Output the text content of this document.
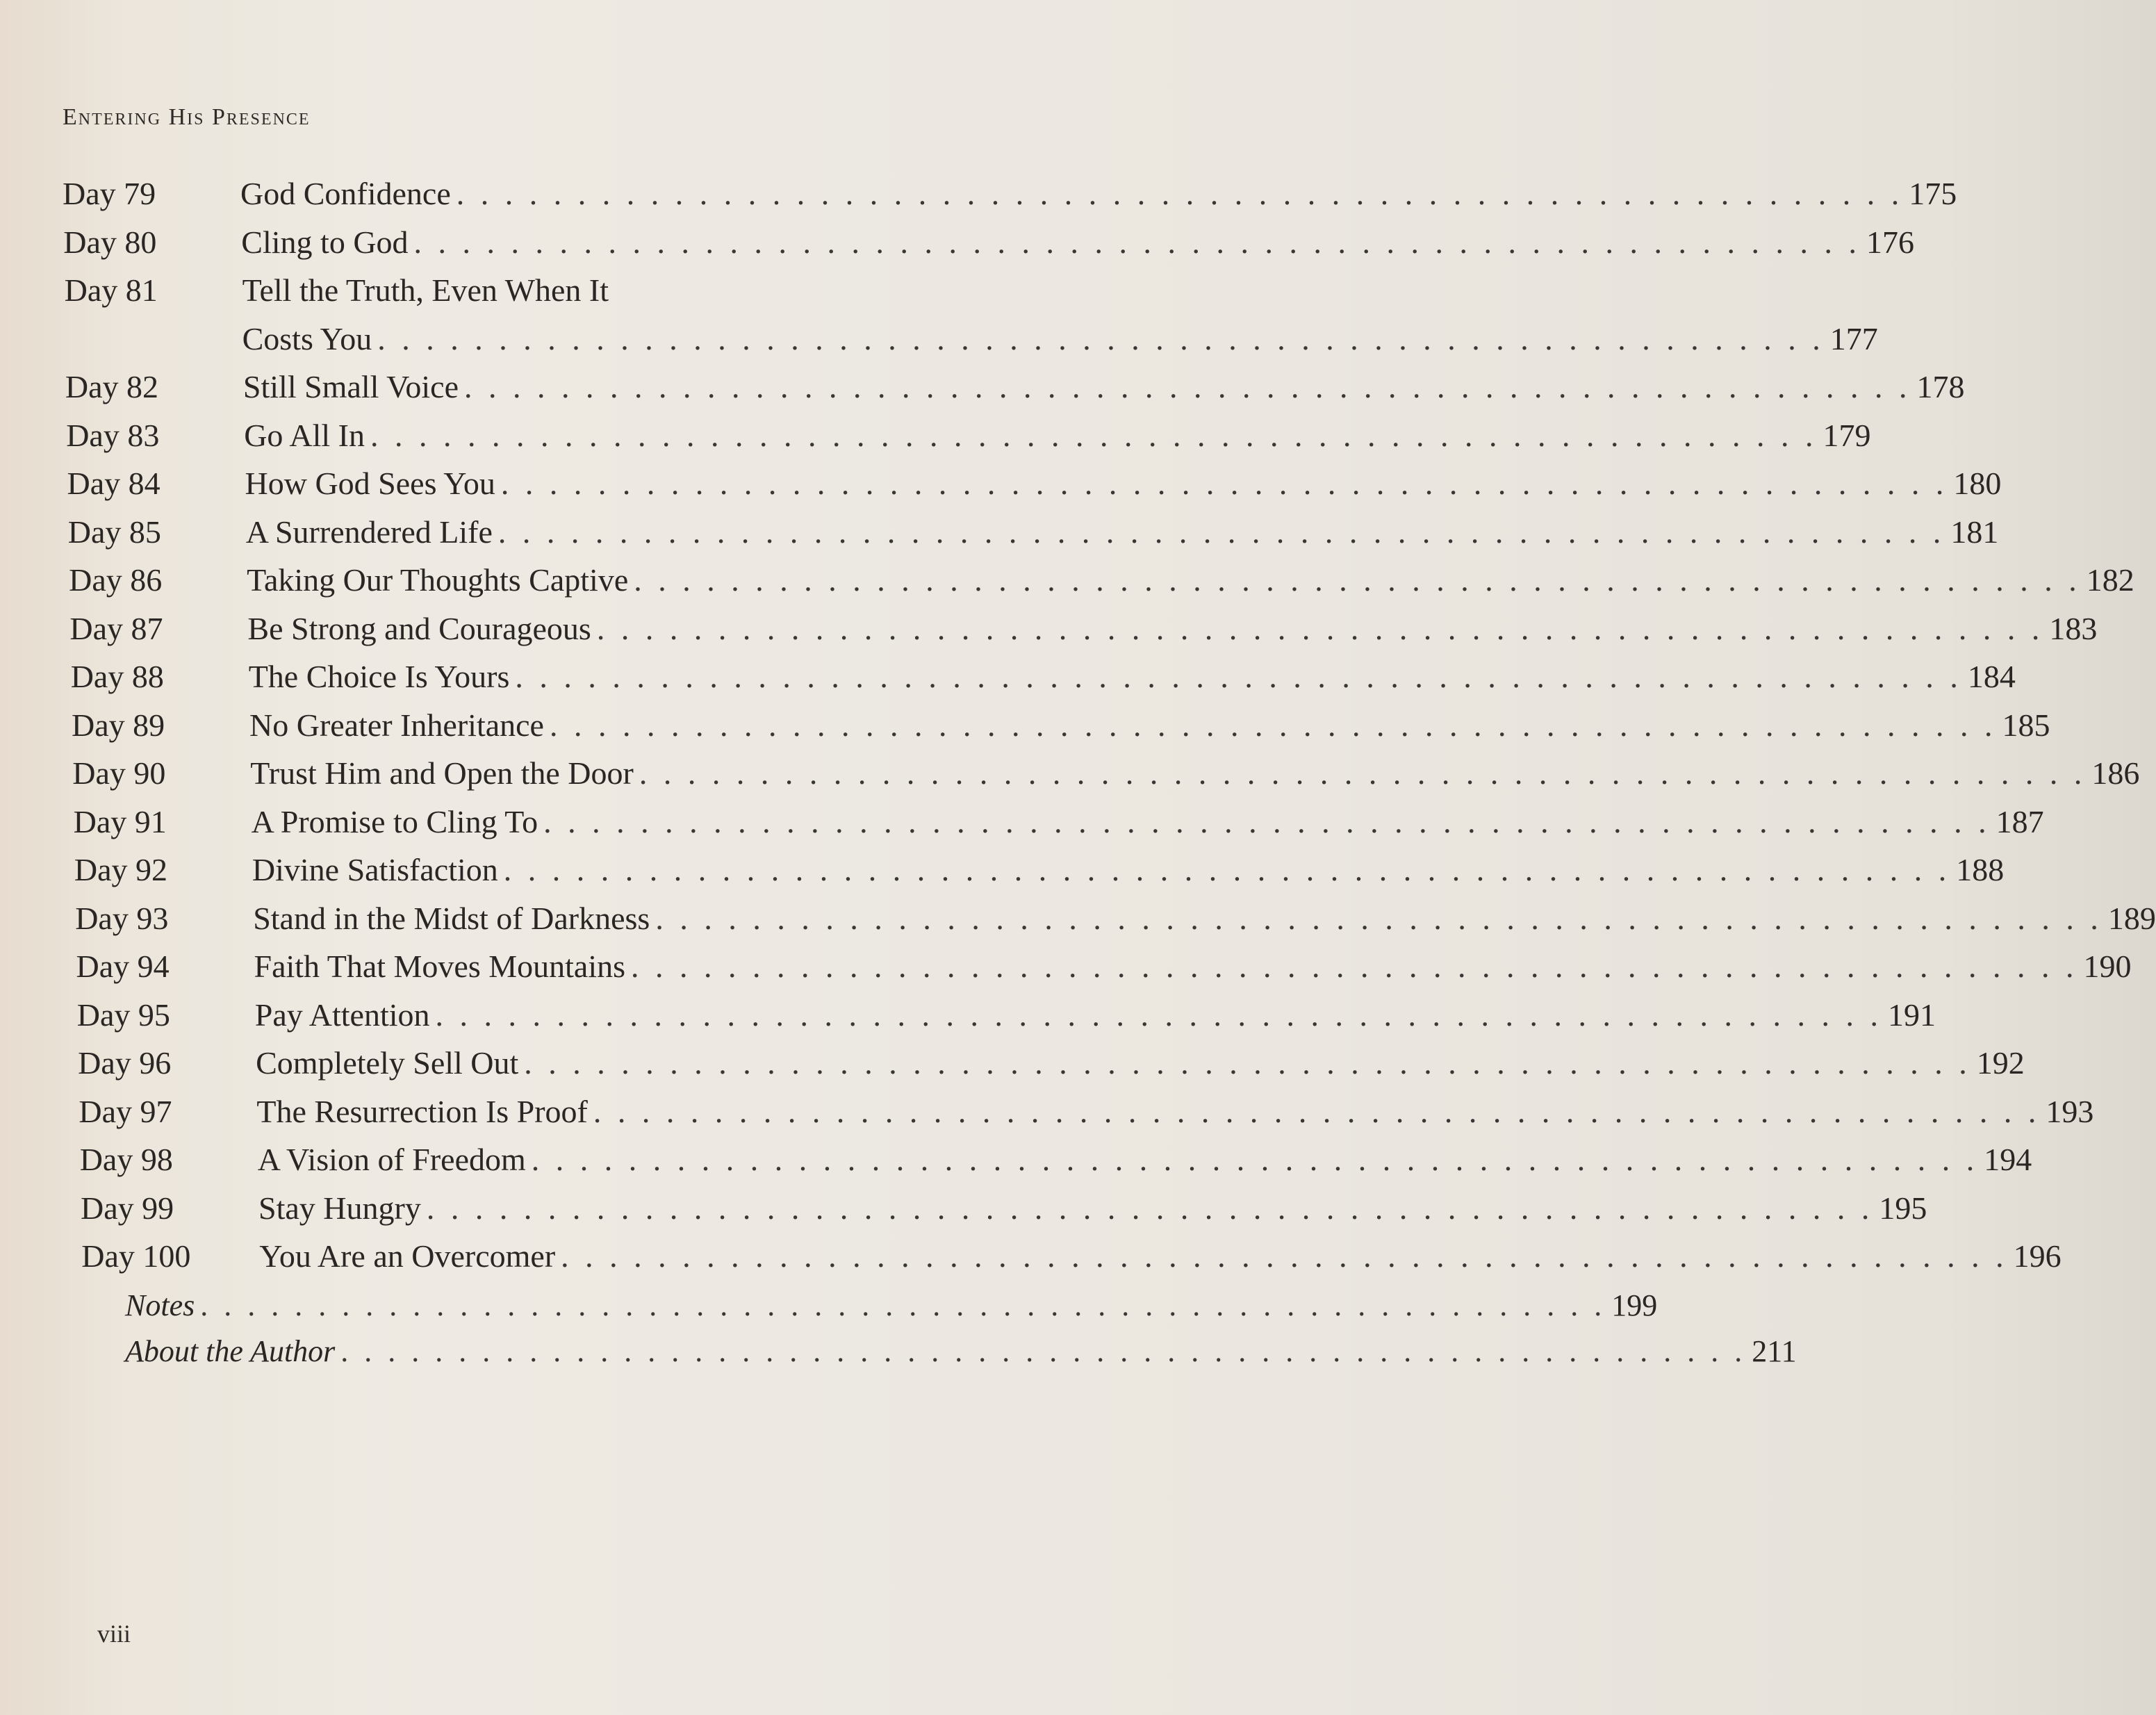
Entering His Presence
Day 79	God Confidence . . . . . . . . . . . . . . . . . . . . . . . . . . . . . . . . . . . . . . . . . . . . . . . . . . . . . . . . . . . . 175
Day 80	Cling to God . . . . . . . . . . . . . . . . . . . . . . . . . . . . . . . . . . . . . . . . . . . . . . . . . . . . . . . . . . . . 176
Day 81	Tell the Truth, Even When It
Costs You . . . . . . . . . . . . . . . . . . . . . . . . . . . . . . . . . . . . . . . . . . . . . . . . . . . . . . . . . . . . 177
Day 82	Still Small Voice . . . . . . . . . . . . . . . . . . . . . . . . . . . . . . . . . . . . . . . . . . . . . . . . . . . . . . . . . . . . 178
Day 83	Go All In . . . . . . . . . . . . . . . . . . . . . . . . . . . . . . . . . . . . . . . . . . . . . . . . . . . . . . . . . . . . 179
Day 84	How God Sees You . . . . . . . . . . . . . . . . . . . . . . . . . . . . . . . . . . . . . . . . . . . . . . . . . . . . . . . . . . . . 180
Day 85	A Surrendered Life . . . . . . . . . . . . . . . . . . . . . . . . . . . . . . . . . . . . . . . . . . . . . . . . . . . . . . . . . . . . 181
Day 86	Taking Our Thoughts Captive . . . . . . . . . . . . . . . . . . . . . . . . . . . . . . . . . . . . . . . . . . . . . . . . . . . . . . . . . . . . 182
Day 87	Be Strong and Courageous . . . . . . . . . . . . . . . . . . . . . . . . . . . . . . . . . . . . . . . . . . . . . . . . . . . . . . . . . . . . 183
Day 88	The Choice Is Yours . . . . . . . . . . . . . . . . . . . . . . . . . . . . . . . . . . . . . . . . . . . . . . . . . . . . . . . . . . . . 184
Day 89	No Greater Inheritance . . . . . . . . . . . . . . . . . . . . . . . . . . . . . . . . . . . . . . . . . . . . . . . . . . . . . . . . . . . . 185
Day 90	Trust Him and Open the Door . . . . . . . . . . . . . . . . . . . . . . . . . . . . . . . . . . . . . . . . . . . . . . . . . . . . . . . . . . . . 186
Day 91	A Promise to Cling To . . . . . . . . . . . . . . . . . . . . . . . . . . . . . . . . . . . . . . . . . . . . . . . . . . . . . . . . . . . . 187
Day 92	Divine Satisfaction . . . . . . . . . . . . . . . . . . . . . . . . . . . . . . . . . . . . . . . . . . . . . . . . . . . . . . . . . . . . 188
Day 93	Stand in the Midst of Darkness . . . . . . . . . . . . . . . . . . . . . . . . . . . . . . . . . . . . . . . . . . . . . . . . . . . . . . . . . . . . 189
Day 94	Faith That Moves Mountains . . . . . . . . . . . . . . . . . . . . . . . . . . . . . . . . . . . . . . . . . . . . . . . . . . . . . . . . . . . . 190
Day 95	Pay Attention . . . . . . . . . . . . . . . . . . . . . . . . . . . . . . . . . . . . . . . . . . . . . . . . . . . . . . . . . . . . 191
Day 96	Completely Sell Out . . . . . . . . . . . . . . . . . . . . . . . . . . . . . . . . . . . . . . . . . . . . . . . . . . . . . . . . . . . . 192
Day 97	The Resurrection Is Proof . . . . . . . . . . . . . . . . . . . . . . . . . . . . . . . . . . . . . . . . . . . . . . . . . . . . . . . . . . . . 193
Day 98	A Vision of Freedom . . . . . . . . . . . . . . . . . . . . . . . . . . . . . . . . . . . . . . . . . . . . . . . . . . . . . . . . . . . . 194
Day 99	Stay Hungry . . . . . . . . . . . . . . . . . . . . . . . . . . . . . . . . . . . . . . . . . . . . . . . . . . . . . . . . . . . . 195
Day 100 You Are an Overcomer . . . . . . . . . . . . . . . . . . . . . . . . . . . . . . . . . . . . . . . . . . . . . . . . . . . . . . . . . . . . 196
Notes . . . . . . . . . . . . . . . . . . . . . . . . . . . . . . . . . . . . . . . . . . . . . . . . . . . . . . . . . . . . 199
About the Author . . . . . . . . . . . . . . . . . . . . . . . . . . . . . . . . . . . . . . . . . . . . . . . . . . . . . . . . . . . . 211
viii
